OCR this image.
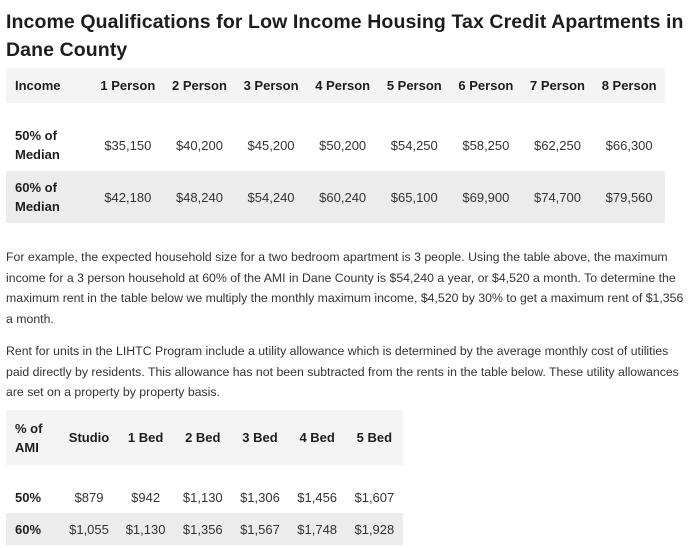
Income Qualifications for Low Income Housing Tax Credit Apartments in Dane County
Income	1 Person	2 Person	3 Person	4 Person	5 Person	6 Person	7 Person	8 Person

50% of
Median	$35,150	$40,200	$45,200	$50,200	$54,250	$58,250	$62,250	$66,300
60% of
Median	$42,180	$48,240	$54,240	$60,240	$65,100	$69,900	$74,700	$79,560

For example, the expected household size for a two bedroom apartment is 3 people. Using the table above, the maximum income for a 3 person household at 60% of the AMI in Dane County is $54,240 a year, or $4,520 a month. To determine the maximum rent in the table below we multiply the monthly maximum income, $4,520 by 30% to get a maximum rent of $1,356 a month.

Rent for units in the LIHTC Program include a utility allowance which is determined by the average monthly cost of utilities paid directly by residents. This allowance has not been subtracted from the rents in the table below. These utility allowances are set on a property by property basis.

% of
AMI	Studio	1 Bed	2 Bed	3 Bed	4 Bed	5 Bed

50%	$879	$942	$1,130	$1,306	$1,456	$1,607
60%	$1,055	$1,130	$1,356	$1,567	$1,748	$1,928
